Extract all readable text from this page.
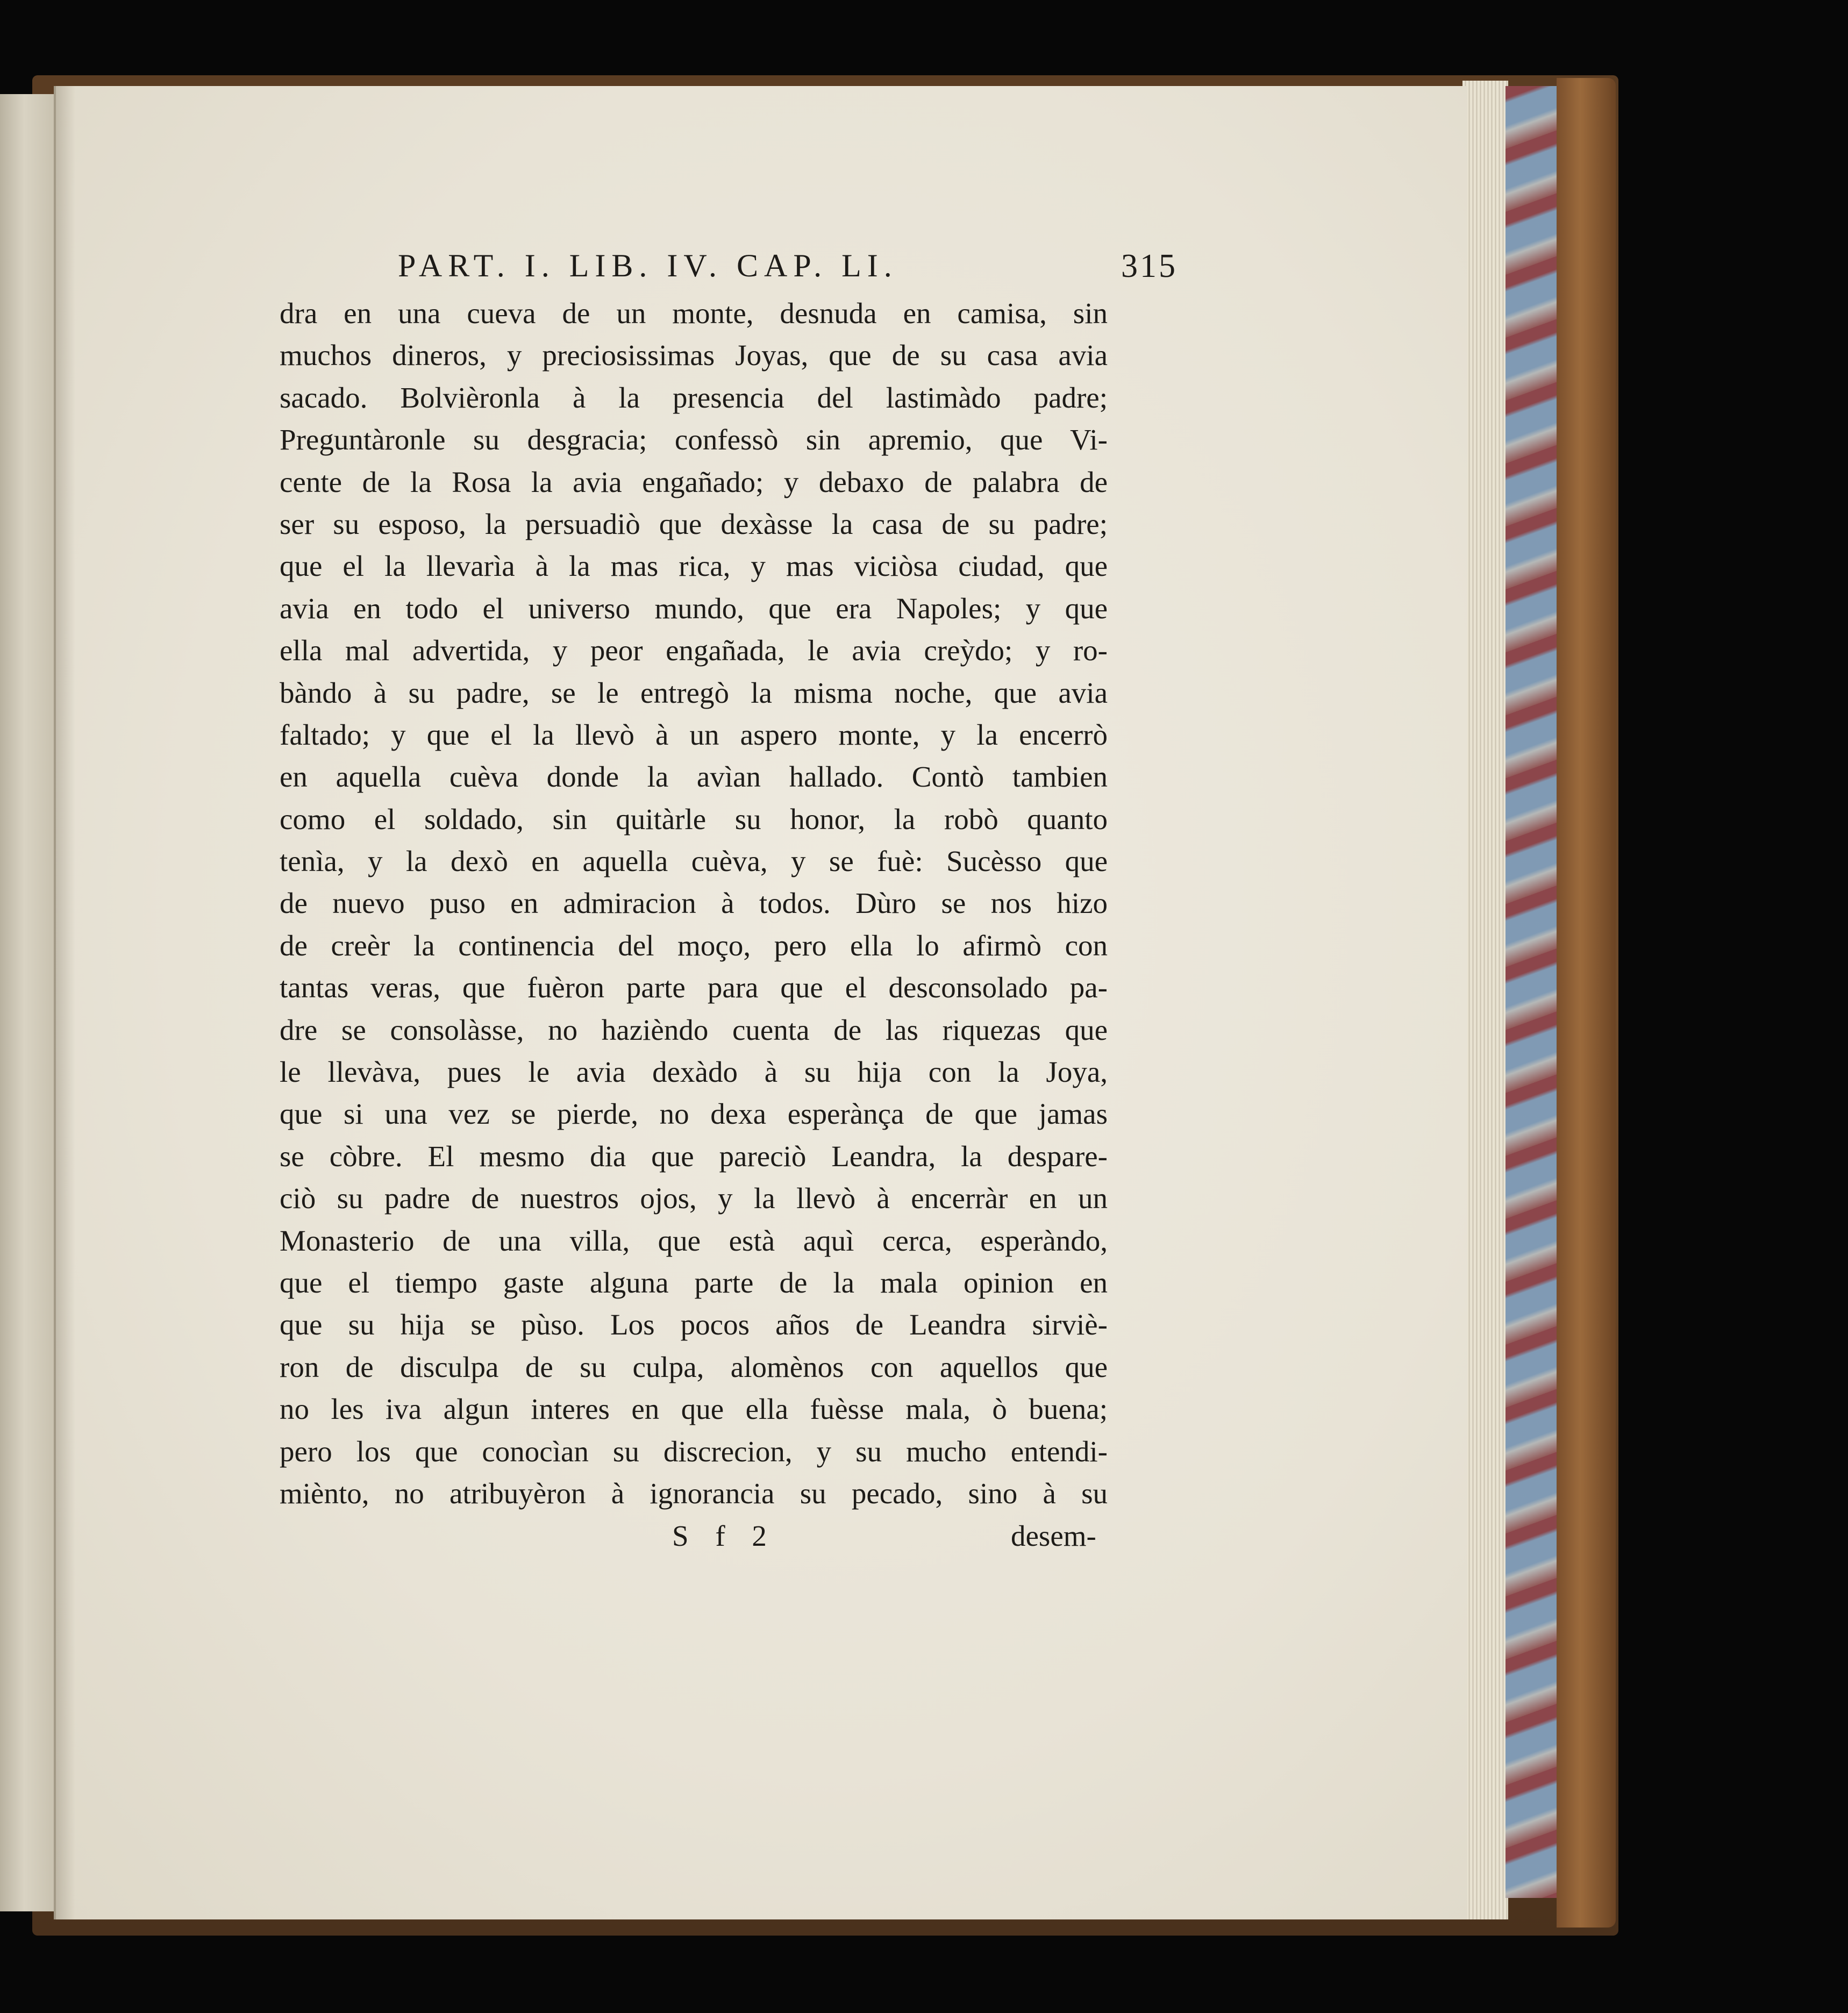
PART. I. LIB. IV. CAP. LI.	315
dra en una cueva de un monte, desnuda en camisa, sin
muchos dineros, y preciosissimas Joyas, que de su casa avia
sacado. Bolvièronla à la presencia del lastimàdo padre;
Preguntàronle su desgracia; confessò sin apremio, que Vi-
cente de la Rosa la avia engañado; y debaxo de palabra de
ser su esposo, la persuadiò que dexàsse la casa de su padre;
que el la llevarìa à la mas rica, y mas viciòsa ciudad, que
avia en todo el universo mundo, que era Napoles; y que
ella mal advertida, y peor engañada, le avia creỳdo; y ro-
bàndo à su padre, se le entregò la misma noche, que avia
faltado; y que el la llevò à un aspero monte, y la encerrò
en aquella cuèva donde la avìan hallado. Contò tambien
como el soldado, sin quitàrle su honor, la robò quanto
tenìa, y la dexò en aquella cuèva, y se fuè: Sucèsso que
de nuevo puso en admiracion à todos. Dùro se nos hizo
de creèr la continencia del moço, pero ella lo afirmò con
tantas veras, que fuèron parte para que el desconsolado pa-
dre se consolàsse, no hazièndo cuenta de las riquezas que
le llevàva, pues le avia dexàdo à su hija con la Joya,
que si una vez se pierde, no dexa esperànça de que jamas
se còbre. El mesmo dia que pareciò Leandra, la despare-
ciò su padre de nuestros ojos, y la llevò à encerràr en un
Monasterio de una villa, que està aquì cerca, esperàndo,
que el tiempo gaste alguna parte de la mala opinion en
que su hija se pùso. Los pocos años de Leandra sirviè-
ron de disculpa de su culpa, alomènos con aquellos que
no les iva algun interes en que ella fuèsse mala, ò buena;
pero los que conocìan su discrecion, y su mucho entendi-
miènto, no atribuyèron à ignorancia su pecado, sino à su
S f 2	desem-
